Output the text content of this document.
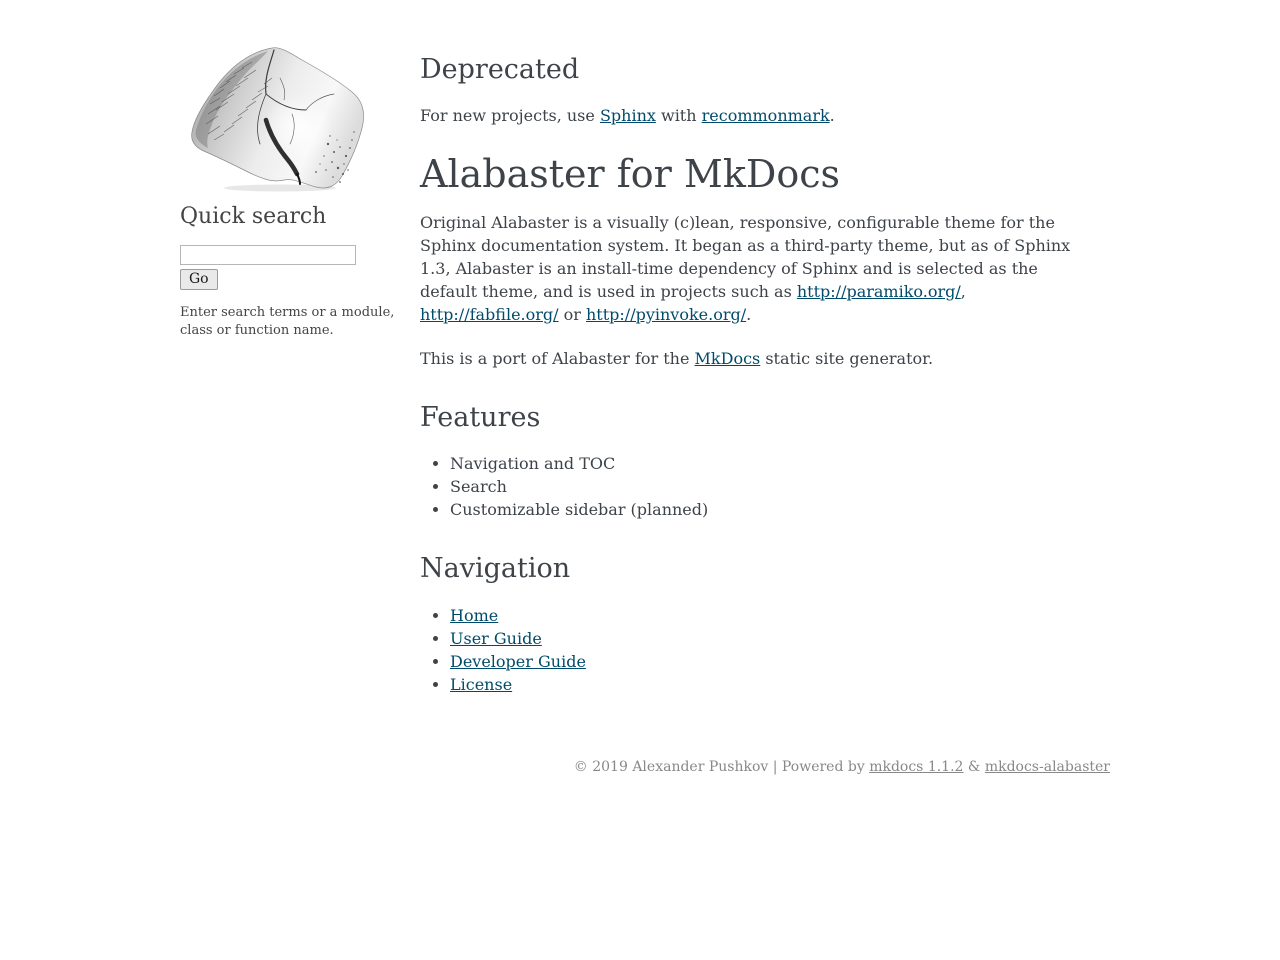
Quick search
Go

Enter search terms or a module, class or function name.

Deprecated

For new projects, use Sphinx with recommonmark.

Alabaster for MkDocs

Original Alabaster is a visually (c)lean, responsive, configurable theme for the Sphinx documentation system. It began as a third-party theme, but as of Sphinx 1.3, Alabaster is an install-time dependency of Sphinx and is selected as the default theme, and is used in projects such as http://paramiko.org/, http://fabfile.org/ or http://pyinvoke.org/.

This is a port of Alabaster for the MkDocs static site generator.

Features
• Navigation and TOC
• Search
• Customizable sidebar (planned)
Navigation
• Home
• User Guide
• Developer Guide
• License
© 2019 Alexander Pushkov | Powered by mkdocs 1.1.2 & mkdocs-alabaster
